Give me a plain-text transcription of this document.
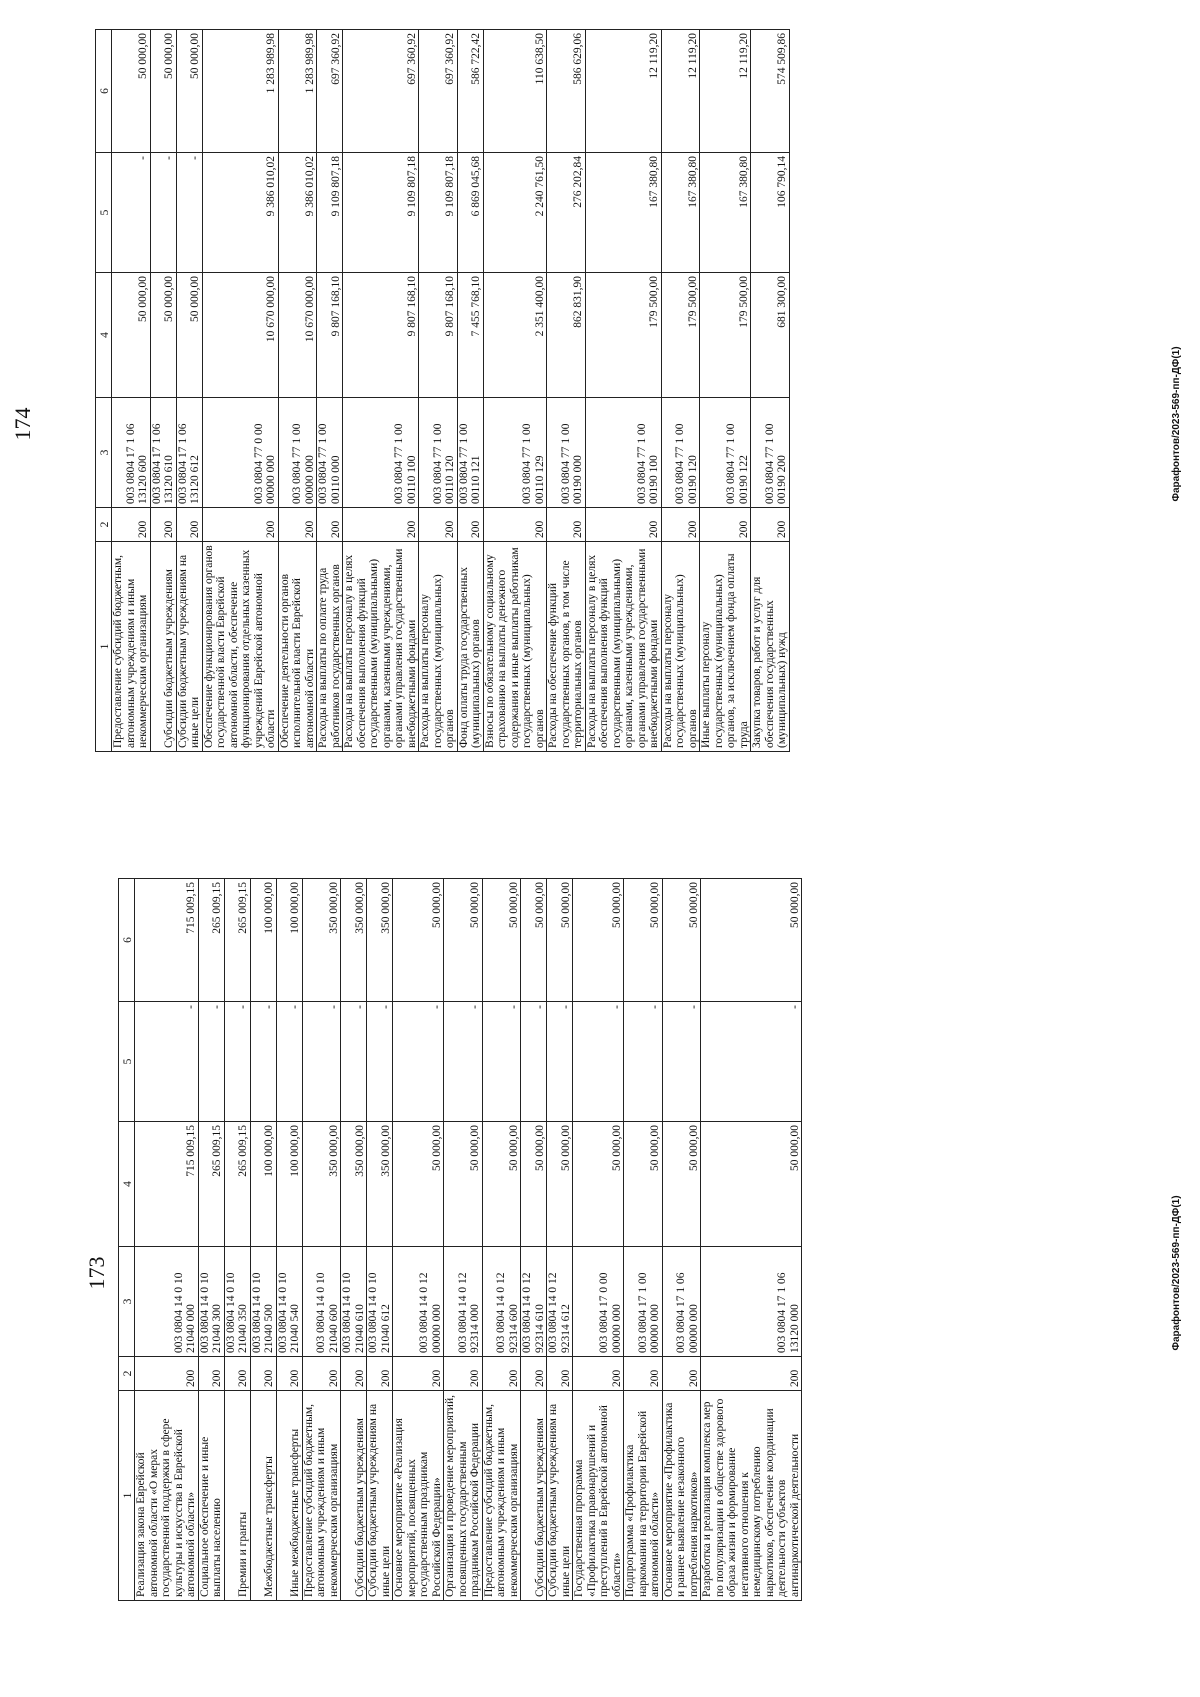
173
1	2	3	4	5	6
Реализация закона Еврейской автономной области «О мерах государственной поддержки в сфере культуры и искусства в Еврейской автономной области»	200	003 0804 14 0 10 21040 000	715 009,15	-	715 009,15
Социальное обеспечение и иные выплаты населению	200	003 0804 14 0 10 21040 300	265 009,15	-	265 009,15
Премии и гранты	200	003 0804 14 0 10 21040 350	265 009,15	-	265 009,15
Межбюджетные трансферты	200	003 0804 14 0 10 21040 500	100 000,00	-	100 000,00
Иные межбюджетные трансферты	200	003 0804 14 0 10 21040 540	100 000,00	-	100 000,00
Предоставление субсидий бюджетным, автономным учреждениям и иным некоммерческим организациям	200	003 0804 14 0 10 21040 600	350 000,00	-	350 000,00
Субсидии бюджетным учреждениям	200	003 0804 14 0 10 21040 610	350 000,00	-	350 000,00
Субсидии бюджетным учреждениям на иные цели	200	003 0804 14 0 10 21040 612	350 000,00	-	350 000,00
Основное мероприятие «Реализация мероприятий, посвященных государственным праздникам Российской Федерации»	200	003 0804 14 0 12 00000 000	50 000,00	-	50 000,00
Организация и проведение мероприятий, посвященных государственным праздникам Российской Федерации	200	003 0804 14 0 12 92314 000	50 000,00	-	50 000,00
Предоставление субсидий бюджетным, автономным учреждениям и иным некоммерческим организациям	200	003 0804 14 0 12 92314 600	50 000,00	-	50 000,00
Субсидии бюджетным учреждениям	200	003 0804 14 0 12 92314 610	50 000,00	-	50 000,00
Субсидии бюджетным учреждениям на иные цели	200	003 0804 14 0 12 92314 612	50 000,00	-	50 000,00
Государственная программа «Профилактика правонарушений и преступлений в Еврейской автономной области»	200	003 0804 17 0 00 00000 000	50 000,00	-	50 000,00
Подпрограмма «Профилактика наркомании на территории Еврейской автономной области»	200	003 0804 17 1 00 00000 000	50 000,00	-	50 000,00
Основное мероприятие «Профилактика и раннее выявление незаконного потребления наркотиков»	200	003 0804 17 1 06 00000 000	50 000,00	-	50 000,00
Разработка и реализация комплекса мер по популяризации в обществе здорового образа жизни и формирование негативного отношения к немедицинскому потреблению наркотиков, обеспечение координации деятельности субъектов антинаркотической деятельности	200	003 0804 17 1 06 13120 000	50 000,00	-	50 000,00
Фарафонтов/2023-569-пп-ДФ(1)
174
1	2	3	4	5	6
Предоставление субсидий бюджетным, автономным учреждениям и иным некоммерческим организациям	200	003 0804 17 1 06 13120 600	50 000,00	-	50 000,00
Субсидии бюджетным учреждениям	200	003 0804 17 1 06 13120 610	50 000,00	-	50 000,00
Субсидии бюджетным учреждениям на иные цели	200	003 0804 17 1 06 13120 612	50 000,00	-	50 000,00
Обеспечение функционирования органов государственной власти Еврейской автономной области, обеспечение функционирования отдельных казенных учреждений Еврейской автономной области	200	003 0804 77 0 00 00000 000	10 670 000,00	9 386 010,02	1 283 989,98
Обеспечение деятельности органов исполнительной власти Еврейской автономной области	200	003 0804 77 1 00 00000 000	10 670 000,00	9 386 010,02	1 283 989,98
Расходы на выплаты по оплате труда работников государственных органов	200	003 0804 77 1 00 00110 000	9 807 168,10	9 109 807,18	697 360,92
Расходы на выплаты персоналу в целях обеспечения выполнения функций государственными (муниципальными) органами, казенными учреждениями, органами управления государственными внебюджетными фондами	200	003 0804 77 1 00 00110 100	9 807 168,10	9 109 807,18	697 360,92
Расходы на выплаты персоналу государственных (муниципальных) органов	200	003 0804 77 1 00 00110 120	9 807 168,10	9 109 807,18	697 360,92
Фонд оплаты труда государственных (муниципальных) органов	200	003 0804 77 1 00 00110 121	7 455 768,10	6 869 045,68	586 722,42
Взносы по обязательному социальному страхованию на выплаты денежного содержания и иные выплаты работникам государственных (муниципальных) органов	200	003 0804 77 1 00 00110 129	2 351 400,00	2 240 761,50	110 638,50
Расходы на обеспечение функций государственных органов, в том числе территориальных органов	200	003 0804 77 1 00 00190 000	862 831,90	276 202,84	586 629,06
Расходы на выплаты персоналу в целях обеспечения выполнения функций государственными (муниципальными) органами, казенными учреждениями, органами управления государственными внебюджетными фондами	200	003 0804 77 1 00 00190 100	179 500,00	167 380,80	12 119,20
Расходы на выплаты персоналу государственных (муниципальных) органов	200	003 0804 77 1 00 00190 120	179 500,00	167 380,80	12 119,20
Иные выплаты персоналу государственных (муниципальных) органов, за исключением фонда оплаты труда	200	003 0804 77 1 00 00190 122	179 500,00	167 380,80	12 119,20
Закупка товаров, работ и услуг для обеспечения государственных (муниципальных) нужд	200	003 0804 77 1 00 00190 200	681 300,00	106 790,14	574 509,86
Фарафонтов/2023-569-пп-ДФ(1)
